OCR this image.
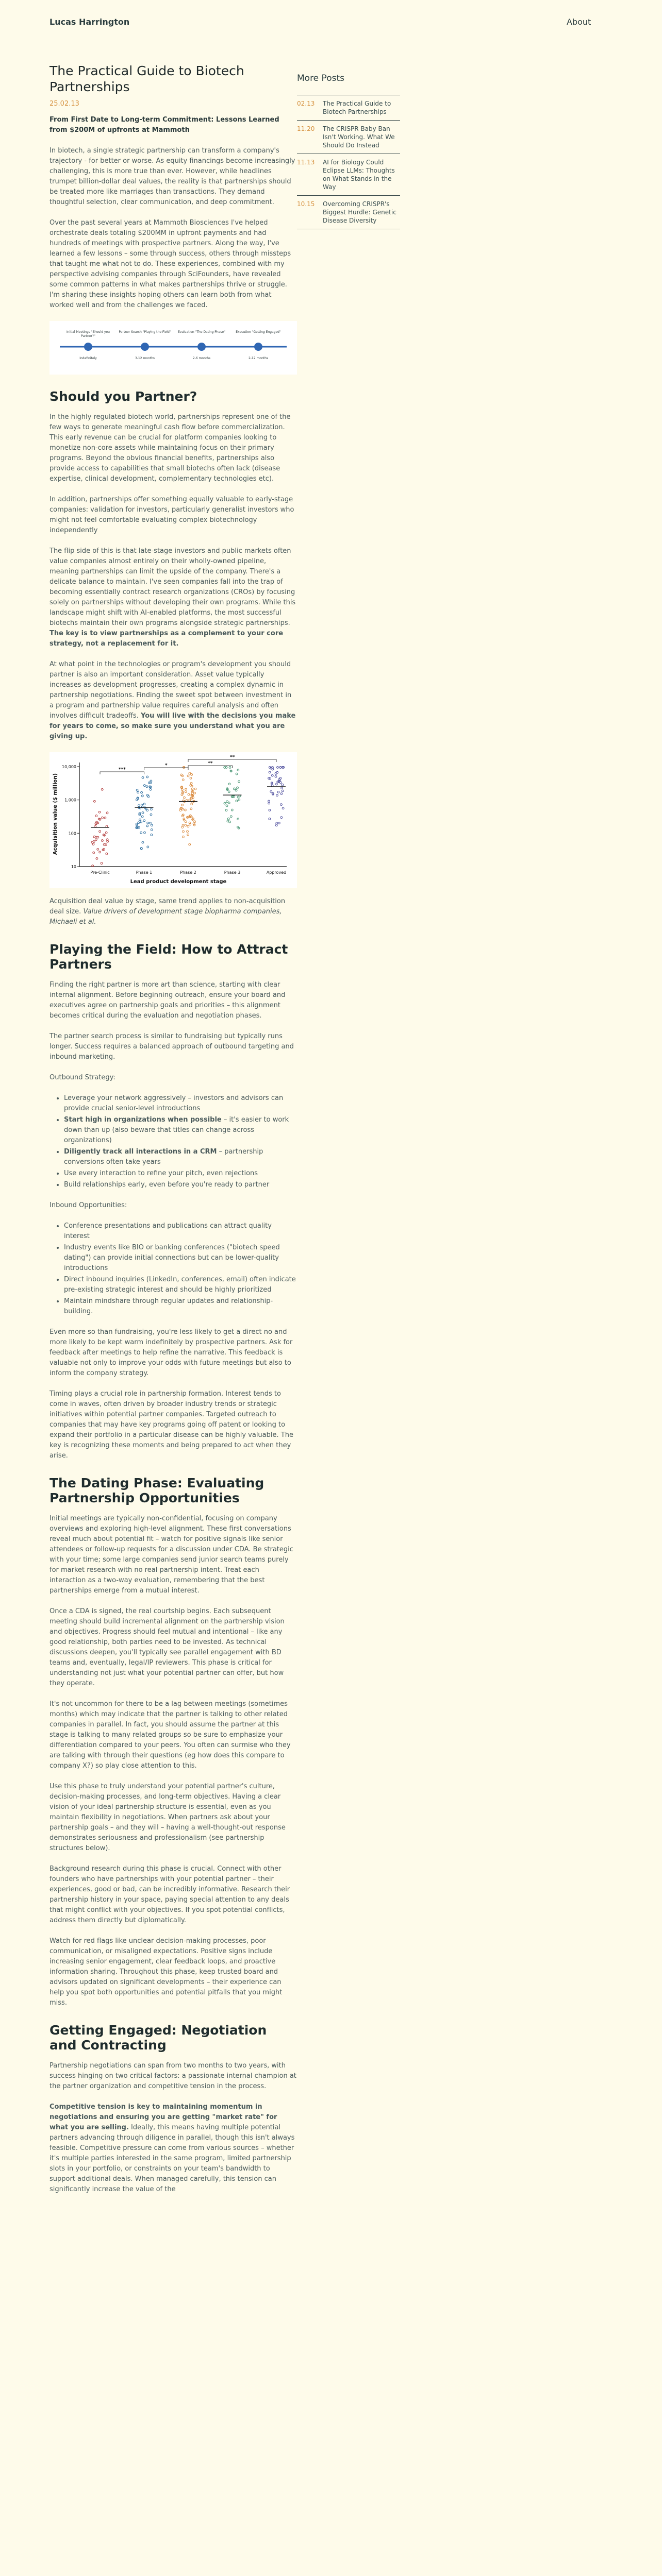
Lucas Harrington	About
More Posts
02.13	The Practical Guide to Biotech Partnerships
11.20	The CRISPR Baby Ban Isn't Working. What We Should Do Instead
11.13	AI for Biology Could Eclipse LLMs: Thoughts on What Stands in the Way
10.15	Overcoming CRISPR's Biggest Hurdle: Genetic Disease Diversity
The Practical Guide to Biotech Partnerships
25.02.13

From First Date to Long-term Commitment: Lessons Learned from $200M of upfronts at Mammoth

In biotech, a single strategic partnership can transform a company's trajectory - for better or worse. As equity financings become increasingly challenging, this is more true than ever. However, while headlines trumpet billion-dollar deal values, the reality is that partnerships should be treated more like marriages than transactions. They demand thoughtful selection, clear communication, and deep commitment.

Over the past several years at Mammoth Biosciences I've helped orchestrate deals totaling $200MM in upfront payments and had hundreds of meetings with prospective partners. Along the way, I've learned a few lessons – some through success, others through missteps that taught me what not to do. These experiences, combined with my perspective advising companies through SciFounders, have revealed some common patterns in what makes partnerships thrive or struggle. I'm sharing these insights hoping others can learn both from what worked well and from the challenges we faced.

Initial Meetings "Should you Partner?"
Indefinitely
Partner Search "Playing the Field"
3-12 months
Evaluation "The Dating Phase"
2-6 months
Execution "Getting Engaged"
2-12 months
Should you Partner?

In the highly regulated biotech world, partnerships represent one of the few ways to generate meaningful cash flow before commercialization. This early revenue can be crucial for platform companies looking to monetize non-core assets while maintaining focus on their primary programs. Beyond the obvious financial benefits, partnerships also provide access to capabilities that small biotechs often lack (disease expertise, clinical development, complementary technologies etc).

In addition, partnerships offer something equally valuable to early-stage companies: validation for investors, particularly generalist investors who might not feel comfortable evaluating complex biotechnology independently

The flip side of this is that late-stage investors and public markets often value companies almost entirely on their wholly-owned pipeline, meaning partnerships can limit the upside of the company. There's a delicate balance to maintain. I've seen companies fall into the trap of becoming essentially contract research organizations (CROs) by focusing solely on partnerships without developing their own programs. While this landscape might shift with AI-enabled platforms, the most successful biotechs maintain their own programs alongside strategic partnerships. The key is to view partnerships as a complement to your core strategy, not a replacement for it.

At what point in the technologies or program's development you should partner is also an important consideration. Asset value typically increases as development progresses, creating a complex dynamic in partnership negotiations. Finding the sweet spot between investment in a program and partnership value requires careful analysis and often involves difficult tradeoffs. You will live with the decisions you make for years to come, so make sure you understand what you are giving up.

Acquisition value ($ million)
Lead product development stage
10
100
1,000
10,000
Pre-Clinic	Phase 1	Phase 2	Phase 3	Approved
***
*	**
**
Acquisition deal value by stage, same trend applies to non-acquisition deal size. Value drivers of development stage biopharma companies, Michaeli et al.
Playing the Field: How to Attract Partners

Finding the right partner is more art than science, starting with clear internal alignment. Before beginning outreach, ensure your board and executives agree on partnership goals and priorities – this alignment becomes critical during the evaluation and negotiation phases.

The partner search process is similar to fundraising but typically runs longer. Success requires a balanced approach of outbound targeting and inbound marketing.

Outbound Strategy:

• Leverage your network aggressively – investors and advisors can provide crucial senior-level introductions
• Start high in organizations when possible – it's easier to work down than up (also beware that titles can change across organizations)
• Diligently track all interactions in a CRM – partnership conversions often take years
• Use every interaction to refine your pitch, even rejections
• Build relationships early, even before you're ready to partner

Inbound Opportunities:

• Conference presentations and publications can attract quality interest
• Industry events like BIO or banking conferences ("biotech speed dating") can provide initial connections but can be lower-quality introductions
• Direct inbound inquiries (LinkedIn, conferences, email) often indicate pre-existing strategic interest and should be highly prioritized
• Maintain mindshare through regular updates and relationship-building.

Even more so than fundraising, you're less likely to get a direct no and more likely to be kept warm indefinitely by prospective partners. Ask for feedback after meetings to help refine the narrative. This feedback is valuable not only to improve your odds with future meetings but also to inform the company strategy.

Timing plays a crucial role in partnership formation. Interest tends to come in waves, often driven by broader industry trends or strategic initiatives within potential partner companies. Targeted outreach to companies that may have key programs going off patent or looking to expand their portfolio in a particular disease can be highly valuable. The key is recognizing these moments and being prepared to act when they arise.

The Dating Phase: Evaluating Partnership Opportunities

Initial meetings are typically non-confidential, focusing on company overviews and exploring high-level alignment. These first conversations reveal much about potential fit – watch for positive signals like senior attendees or follow-up requests for a discussion under CDA. Be strategic with your time; some large companies send junior search teams purely for market research with no real partnership intent. Treat each interaction as a two-way evaluation, remembering that the best partnerships emerge from a mutual interest.

Once a CDA is signed, the real courtship begins. Each subsequent meeting should build incremental alignment on the partnership vision and objectives. Progress should feel mutual and intentional – like any good relationship, both parties need to be invested. As technical discussions deepen, you'll typically see parallel engagement with BD teams and, eventually, legal/IP reviewers. This phase is critical for understanding not just what your potential partner can offer, but how they operate.

It's not uncommon for there to be a lag between meetings (sometimes months) which may indicate that the partner is talking to other related companies in parallel. In fact, you should assume the partner at this stage is talking to many related groups so be sure to emphasize your differentiation compared to your peers. You often can surmise who they are talking with through their questions (eg how does this compare to company X?) so play close attention to this.

Use this phase to truly understand your potential partner's culture, decision-making processes, and long-term objectives. Having a clear vision of your ideal partnership structure is essential, even as you maintain flexibility in negotiations. When partners ask about your partnership goals – and they will – having a well-thought-out response demonstrates seriousness and professionalism (see partnership structures below).

Background research during this phase is crucial. Connect with other founders who have partnerships with your potential partner – their experiences, good or bad, can be incredibly informative. Research their partnership history in your space, paying special attention to any deals that might conflict with your objectives. If you spot potential conflicts, address them directly but diplomatically.

Watch for red flags like unclear decision-making processes, poor communication, or misaligned expectations. Positive signs include increasing senior engagement, clear feedback loops, and proactive information sharing. Throughout this phase, keep trusted board and advisors updated on significant developments – their experience can help you spot both opportunities and potential pitfalls that you might miss.

Getting Engaged: Negotiation and Contracting

Partnership negotiations can span from two months to two years, with success hinging on two critical factors: a passionate internal champion at the partner organization and competitive tension in the process.

Competitive tension is key to maintaining momentum in negotiations and ensuring you are getting "market rate" for what you are selling. Ideally, this means having multiple potential partners advancing through diligence in parallel, though this isn't always feasible. Competitive pressure can come from various sources – whether it's multiple parties interested in the same program, limited partnership slots in your portfolio, or constraints on your team's bandwidth to support additional deals. When managed carefully, this tension can significantly increase the value of the
